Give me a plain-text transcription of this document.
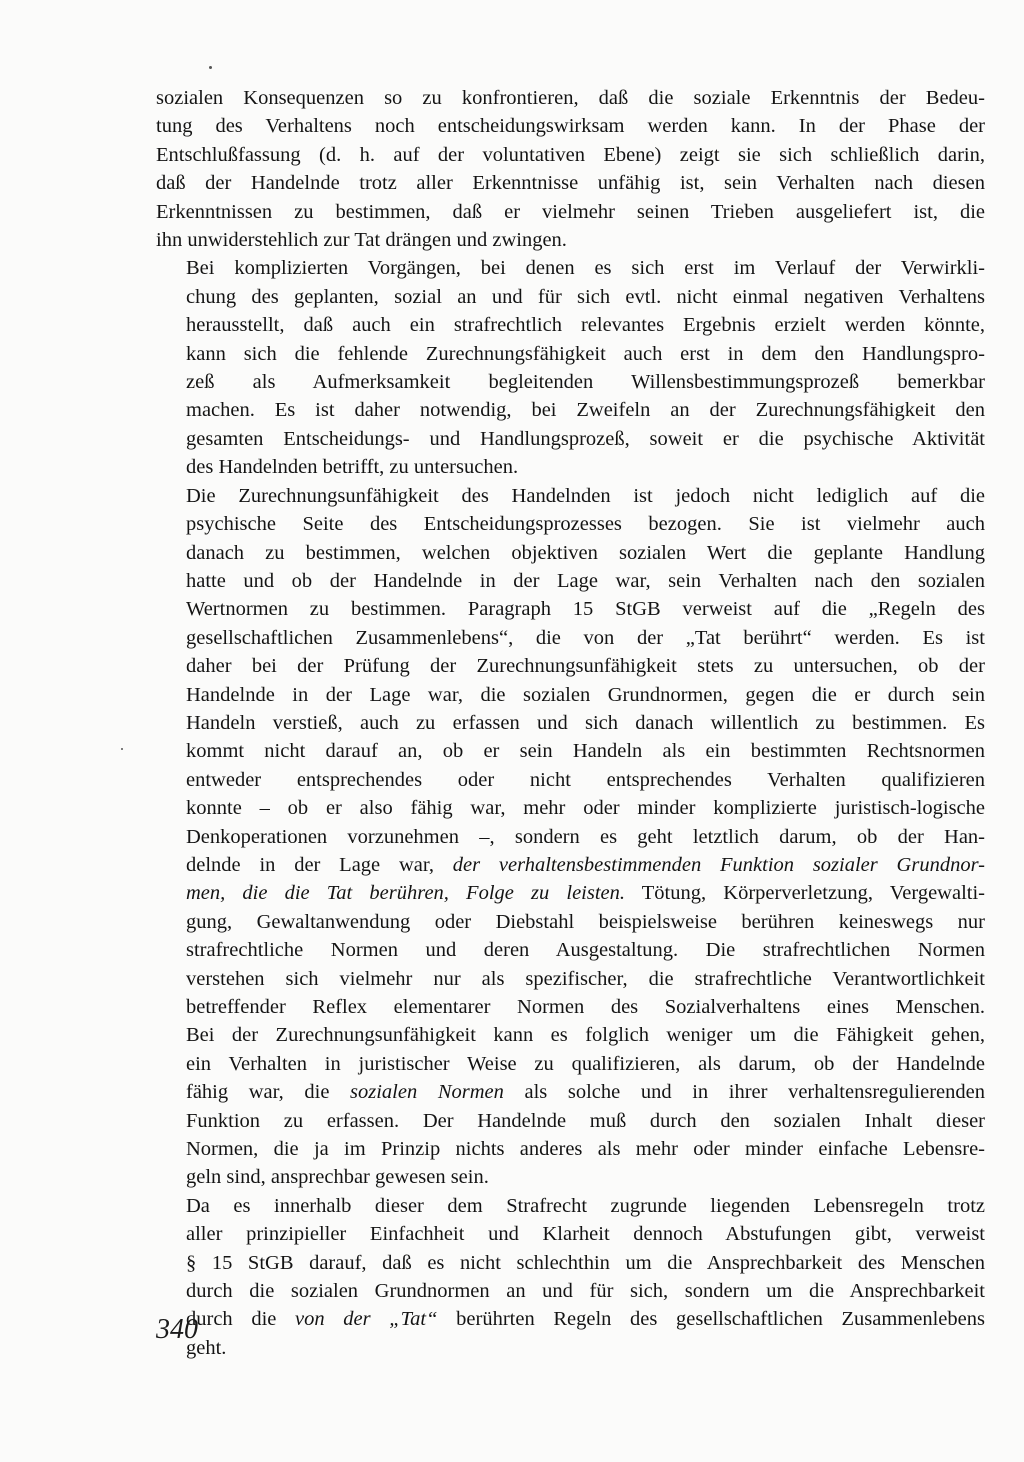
sozialen Konsequenzen so zu konfrontieren, daß die soziale Erkenntnis der Bedeu-
tung des Verhaltens noch entscheidungswirksam werden kann. In der Phase der
Entschlußfassung (d. h. auf der voluntativen Ebene) zeigt sie sich schließlich darin,
daß der Handelnde trotz aller Erkenntnisse unfähig ist, sein Verhalten nach diesen
Erkenntnissen zu bestimmen, daß er vielmehr seinen Trieben ausgeliefert ist, die
ihn unwiderstehlich zur Tat drängen und zwingen.

Bei komplizierten Vorgängen, bei denen es sich erst im Verlauf der Verwirkli-
chung des geplanten, sozial an und für sich evtl. nicht einmal negativen Verhaltens
herausstellt, daß auch ein strafrechtlich relevantes Ergebnis erzielt werden könnte,
kann sich die fehlende Zurechnungsfähigkeit auch erst in dem den Handlungspro-
zeß als Aufmerksamkeit begleitenden Willensbestimmungsprozeß bemerkbar
machen. Es ist daher notwendig, bei Zweifeln an der Zurechnungsfähigkeit den
gesamten Entscheidungs- und Handlungsprozeß, soweit er die psychische Aktivität
des Handelnden betrifft, zu untersuchen.

Die Zurechnungsunfähigkeit des Handelnden ist jedoch nicht lediglich auf die
psychische Seite des Entscheidungsprozesses bezogen. Sie ist vielmehr auch
danach zu bestimmen, welchen objektiven sozialen Wert die geplante Handlung
hatte und ob der Handelnde in der Lage war, sein Verhalten nach den sozialen
Wertnormen zu bestimmen. Paragraph 15 StGB verweist auf die „Regeln des
gesellschaftlichen Zusammenlebens“, die von der „Tat berührt“ werden. Es ist
daher bei der Prüfung der Zurechnungsunfähigkeit stets zu untersuchen, ob der
Handelnde in der Lage war, die sozialen Grundnormen, gegen die er durch sein
Handeln verstieß, auch zu erfassen und sich danach willentlich zu bestimmen. Es
kommt nicht darauf an, ob er sein Handeln als ein bestimmten Rechtsnormen
entweder entsprechendes oder nicht entsprechendes Verhalten qualifizieren
konnte – ob er also fähig war, mehr oder minder komplizierte juristisch-logische
Denkoperationen vorzunehmen –, sondern es geht letztlich darum, ob der Han-
delnde in der Lage war, der verhaltensbestimmenden Funktion sozialer Grundnor-
men, die die Tat berühren, Folge zu leisten. Tötung, Körperverletzung, Vergewalti-
gung, Gewaltanwendung oder Diebstahl beispielsweise berühren keineswegs nur
strafrechtliche Normen und deren Ausgestaltung. Die strafrechtlichen Normen
verstehen sich vielmehr nur als spezifischer, die strafrechtliche Verantwortlichkeit
betreffender Reflex elementarer Normen des Sozialverhaltens eines Menschen.
Bei der Zurechnungsunfähigkeit kann es folglich weniger um die Fähigkeit gehen,
ein Verhalten in juristischer Weise zu qualifizieren, als darum, ob der Handelnde
fähig war, die sozialen Normen als solche und in ihrer verhaltensregulierenden
Funktion zu erfassen. Der Handelnde muß durch den sozialen Inhalt dieser
Normen, die ja im Prinzip nichts anderes als mehr oder minder einfache Lebensre-
geln sind, ansprechbar gewesen sein.

Da es innerhalb dieser dem Strafrecht zugrunde liegenden Lebensregeln trotz
aller prinzipieller Einfachheit und Klarheit dennoch Abstufungen gibt, verweist
§ 15 StGB darauf, daß es nicht schlechthin um die Ansprechbarkeit des Menschen
durch die sozialen Grundnormen an und für sich, sondern um die Ansprechbarkeit
durch die von der „Tat“ berührten Regeln des gesellschaftlichen Zusammenlebens
geht.

340
